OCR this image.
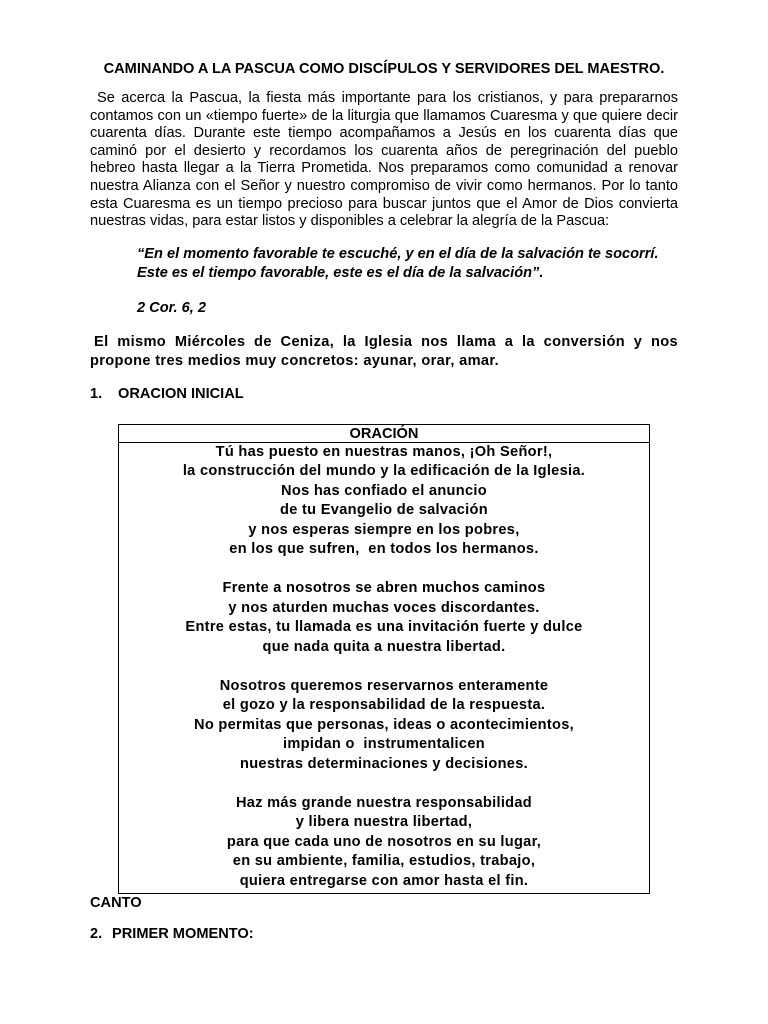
CAMINANDO A LA PASCUA COMO DISCÍPULOS Y SERVIDORES DEL MAESTRO.

Se acerca la Pascua, la fiesta más importante para los cristianos, y para prepararnos contamos con un «tiempo fuerte» de la liturgia que llamamos Cuaresma y que quiere decir cuarenta días. Durante este tiempo acompañamos a Jesús en los cuarenta días que caminó por el desierto y recordamos los cuarenta años de peregrinación del pueblo hebreo hasta llegar a la Tierra Prometida. Nos preparamos como comunidad a renovar nuestra Alianza con el Señor y nuestro compromiso de vivir como hermanos. Por lo tanto esta Cuaresma es un tiempo precioso para buscar juntos que el Amor de Dios convierta nuestras vidas, para estar listos y disponibles a celebrar la alegría de la Pascua:

“En el momento favorable te escuché, y en el día de la salvación te socorrí. Este es el tiempo favorable, este es el día de la salvación”.

2 Cor. 6, 2

El mismo Miércoles de Ceniza, la Iglesia nos llama a la conversión y nos propone tres medios muy concretos: ayunar, orar, amar.

1.	ORACION INICIAL
ORACIÓN
Tú has puesto en nuestras manos, ¡Oh Señor!,
la construcción del mundo y la edificación de la Iglesia.
Nos has confiado el anuncio
de tu Evangelio de salvación
y nos esperas siempre en los pobres,
en los que sufren,  en todos los hermanos.
Frente a nosotros se abren muchos caminos
y nos aturden muchas voces discordantes.
Entre estas, tu llamada es una invitación fuerte y dulce
que nada quita a nuestra libertad.
Nosotros queremos reservarnos enteramente
el gozo y la responsabilidad de la respuesta.
No permitas que personas, ideas o acontecimientos,
impidan o  instrumentalicen
nuestras determinaciones y decisiones.
Haz más grande nuestra responsabilidad
y libera nuestra libertad,
para que cada uno de nosotros en su lugar,
en su ambiente, familia, estudios, trabajo,
quiera entregarse con amor hasta el fin.

CANTO

2. PRIMER MOMENTO:
